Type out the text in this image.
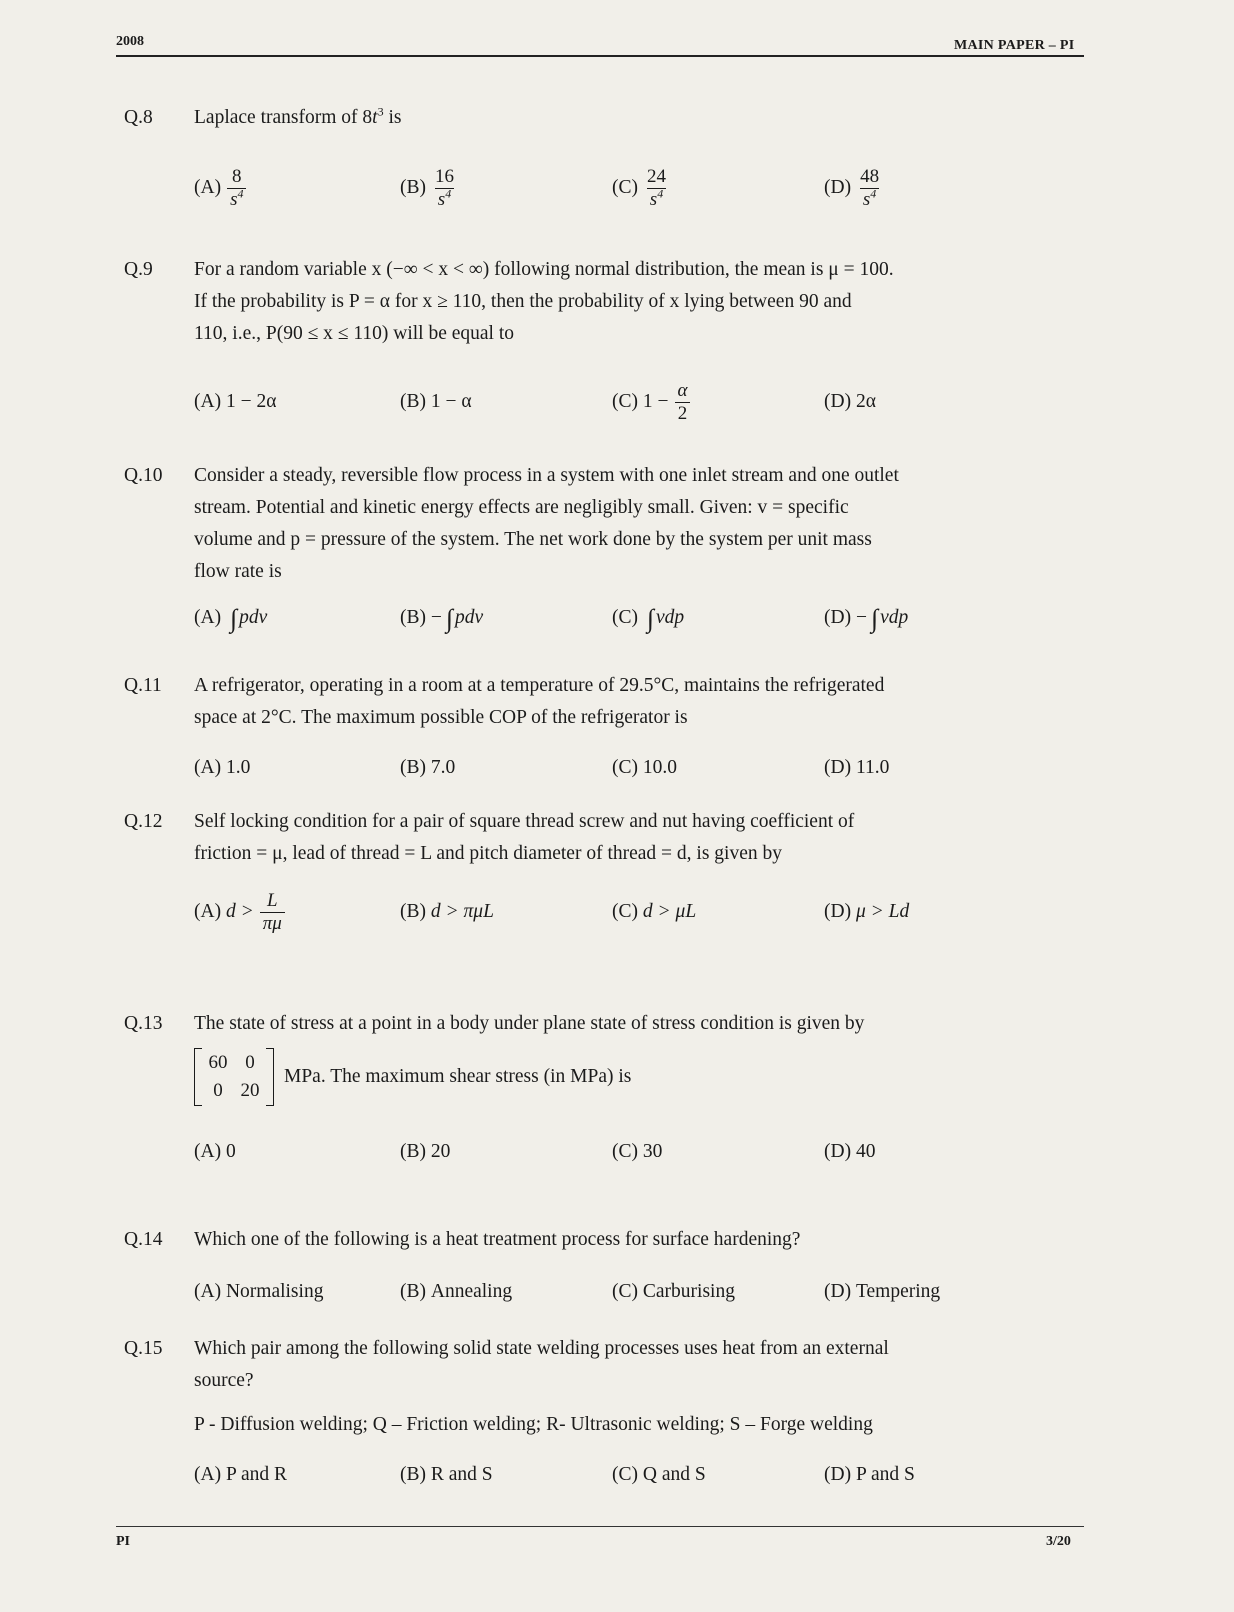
2008	MAIN PAPER – PI
Q.8	Laplace transform of $8t^3$ is
$(A) \frac{8}{s^4}$	$(B) \frac{16}{s^4}$	$(C) \frac{24}{s^4}$	$(D) \frac{48}{s^4}$
Q.9	For a random variable x (−∞ < x < ∞) following normal distribution, the mean is μ = 100.
If the probability is P = α for x ≥ 110, then the probability of x lying between 90 and
110, i.e., P(90 ≤ x ≤ 110) will be equal to
(A)
1 − 2α	(B)
1 − α	(C)
$1 - \frac{\alpha}{2}$	(D)
2α
Q.10	Consider a steady, reversible flow process in a system with one inlet stream and one outlet
stream. Potential and kinetic energy effects are negligibly small. Given: v = specific
volume and p = pressure of the system. The net work done by the system per unit mass
flow rate is
(A)
∫ pdv	(B)
− ∫ pdv	(C)
∫ vdp	(D)
− ∫ vdp
Q.11	A refrigerator, operating in a room at a temperature of 29.5°C, maintains the refrigerated
space at 2°C. The maximum possible COP of the refrigerator is
(A)
1.0	(B)
7.0	(C)
10.0	(D)
11.0
Q.12	Self locking condition for a pair of square thread screw and nut having coefficient of
friction = μ, lead of thread = L and pitch diameter of thread = d, is given by
(A)
$d > \frac{L}{\pi\mu}$	(B)
d > πμL	(C)
d > μL	(D)
μ > Ld
Q.13	The state of stress at a point in a body under plane state of stress condition is given by
60 0
0 20
MPa. The maximum shear stress (in MPa) is
(A)
0	(B)
20	(C)
30	(D)
40
Q.14	Which one of the following is a heat treatment process for surface hardening?
(A)
Normalising	(B)
Annealing	(C)
Carburising	(D)
Tempering
Q.15	Which pair among the following solid state welding processes uses heat from an external
source?
P - Diffusion welding; Q – Friction welding; R- Ultrasonic welding; S – Forge welding
(A)
P and R	(B)
R and S	(C)
Q and S	(D)
P and S
PI	3/20
